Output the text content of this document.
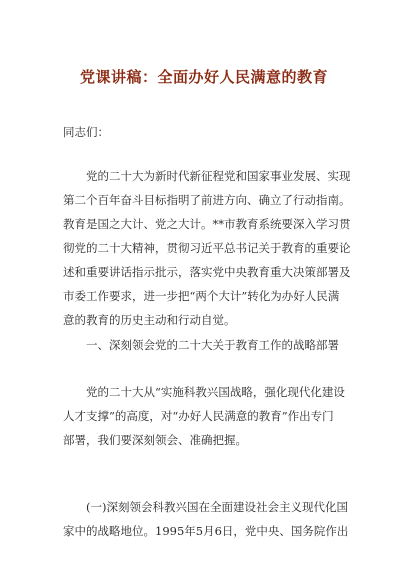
党课讲稿：全面办好人民满意的教育
同志们：
　　党的二十大为新时代新征程党和国家事业发展、实现
第二个百年奋斗目标指明了前进方向、确立了行动指南。
教育是国之大计、党之大计。**市教育系统要深入学习贯
彻党的二十大精神，贯彻习近平总书记关于教育的重要论
述和重要讲话指示批示，落实党中央教育重大决策部署及
市委工作要求，进一步把“两个大计”转化为办好人民满
意的教育的历史主动和行动自觉。
　　一、深刻领会党的二十大关于教育工作的战略部署
　　党的二十大从“实施科教兴国战略，强化现代化建设
人才支撑”的高度，对“办好人民满意的教育”作出专门
部署，我们要深刻领会、准确把握。
　　(一)深刻领会科教兴国在全面建设社会主义现代化国
家中的战略地位。1995年5月6日，党中央、国务院作出
